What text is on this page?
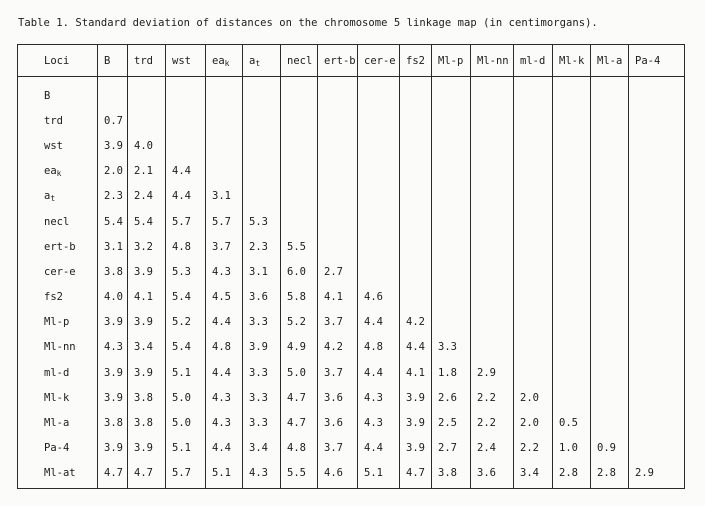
Table 1. Standard deviation of distances on the chromosome 5 linkage map (in centimorgans).
Loci	B	trd	wst	$ea_k$	$a_t$	necl	ert-b	cer-e	fs2	Ml-p	Ml-nn	ml-d	Ml-k	Ml-a	Pa-4
B															
trd	0.7														
wst	3.9	4.0													
$ea_k$	2.0	2.1	4.4												
$a_t$	2.3	2.4	4.4	3.1											
necl	5.4	5.4	5.7	5.7	5.3										
ert-b	3.1	3.2	4.8	3.7	2.3	5.5									
cer-e	3.8	3.9	5.3	4.3	3.1	6.0	2.7								
fs2	4.0	4.1	5.4	4.5	3.6	5.8	4.1	4.6							
Ml-p	3.9	3.9	5.2	4.4	3.3	5.2	3.7	4.4	4.2						
Ml-nn	4.3	3.4	5.4	4.8	3.9	4.9	4.2	4.8	4.4	3.3					
ml-d	3.9	3.9	5.1	4.4	3.3	5.0	3.7	4.4	4.1	1.8	2.9				
Ml-k	3.9	3.8	5.0	4.3	3.3	4.7	3.6	4.3	3.9	2.6	2.2	2.0			
Ml-a	3.8	3.8	5.0	4.3	3.3	4.7	3.6	4.3	3.9	2.5	2.2	2.0	0.5		
Pa-4	3.9	3.9	5.1	4.4	3.4	4.8	3.7	4.4	3.9	2.7	2.4	2.2	1.0	0.9	
Ml-at	4.7	4.7	5.7	5.1	4.3	5.5	4.6	5.1	4.7	3.8	3.6	3.4	2.8	2.8	2.9
